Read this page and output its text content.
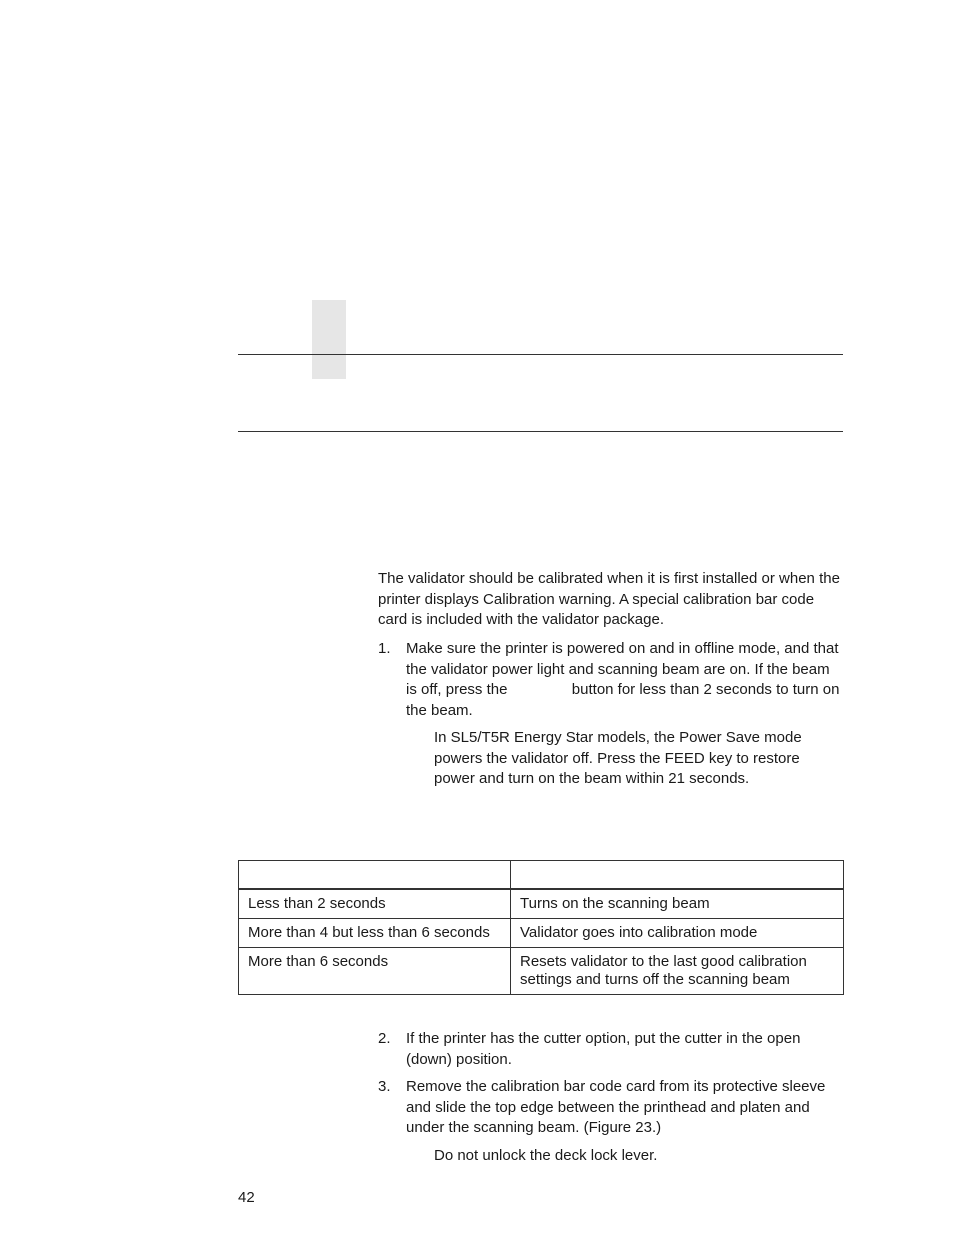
The validator should be calibrated when it is first installed or when the printer displays Calibration warning. A special calibration bar code card is included with the validator package.
1.	Make sure the printer is powered on and in offline mode, and that the validator power light and scanning beam are on. If the beam is off, press the	button for less than 2 seconds to turn on the beam.
In SL5/T5R Energy Star models, the Power Save mode powers the validator off. Press the FEED key to restore power and turn on the beam within 21 seconds.

Less than 2 seconds	Turns on the scanning beam
More than 4 but less than 6 seconds	Validator goes into calibration mode
More than 6 seconds	Resets validator to the last good calibration settings and turns off the scanning beam
2.	If the printer has the cutter option, put the cutter in the open (down) position.
3.	Remove the calibration bar code card from its protective sleeve and slide the top edge between the printhead and platen and under the scanning beam. (Figure 23.)
Do not unlock the deck lock lever.
42
